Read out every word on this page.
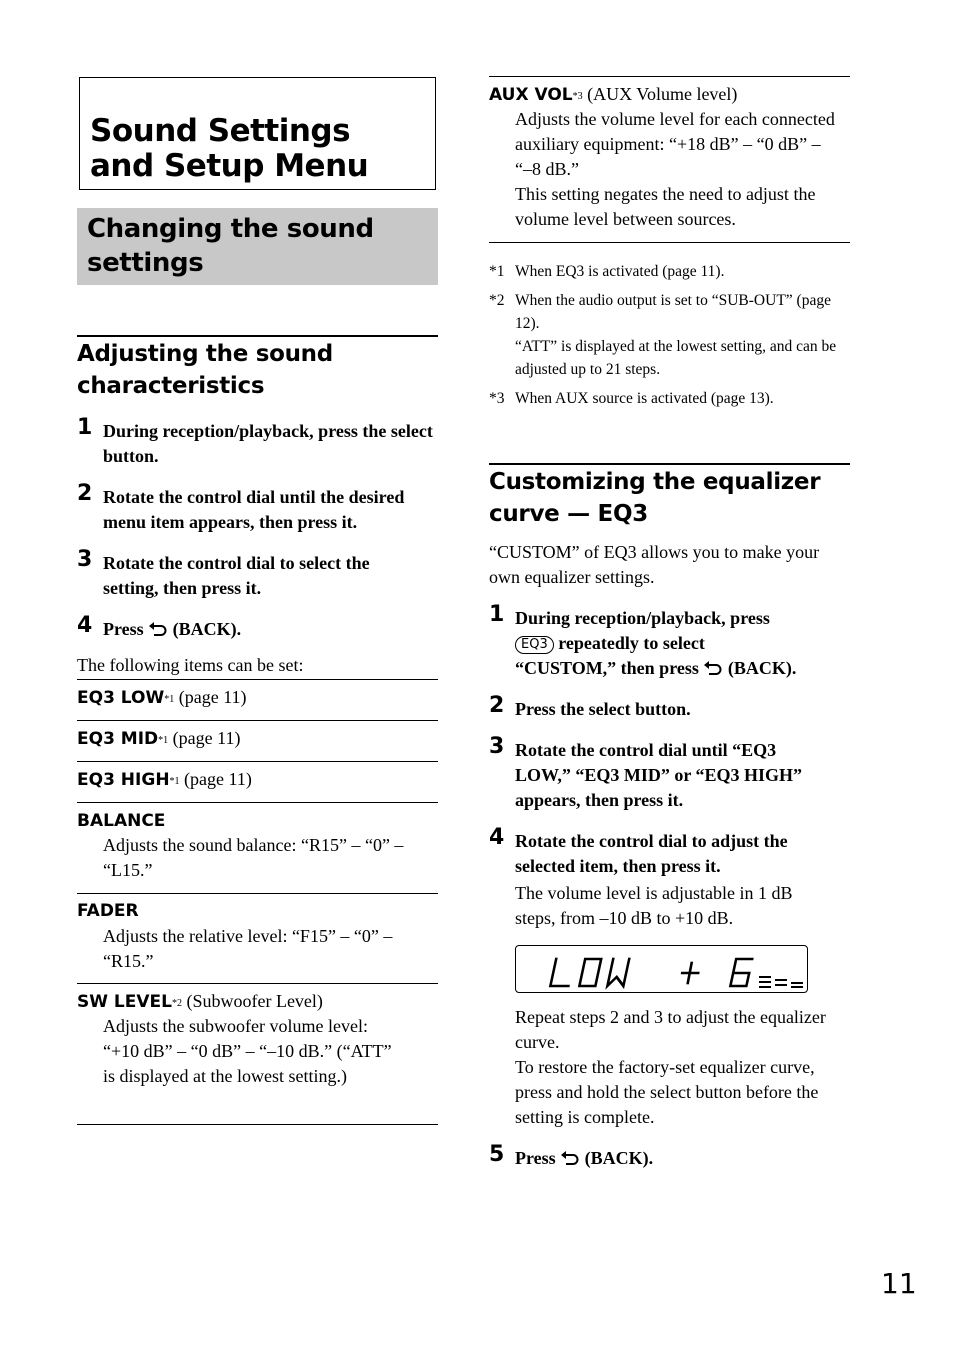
Sound Settings and Setup Menu
Changing the sound settings
Adjusting the sound characteristics
1 During reception/playback, press the select button.
2 Rotate the control dial until the desired menu item appears, then press it.
3 Rotate the control dial to select the setting, then press it.
4 Press (BACK).
The following items can be set:
EQ3 LOW$^{*1}$ (page 11)
EQ3 MID$^{*1}$ (page 11)
EQ3 HIGH$^{*1}$ (page 11)
BALANCE
Adjusts the sound balance: “R15” – “0” – “L15.”
FADER
Adjusts the relative level: “F15” – “0” – “R15.”
SW LEVEL$^{*2}$ (Subwoofer Level)
Adjusts the subwoofer volume level: “+10 dB” – “0 dB” – “–10 dB.” (“ATT” is displayed at the lowest setting.)
AUX VOL$^{*3}$ (AUX Volume level)
Adjusts the volume level for each connected auxiliary equipment: “+18 dB” – “0 dB” – “–8 dB.”
This setting negates the need to adjust the volume level between sources.
*1 When EQ3 is activated (page 11).
*2 When the audio output is set to “SUB-OUT” (page 12).
“ATT” is displayed at the lowest setting, and can be adjusted up to 21 steps.
*3 When AUX source is activated (page 13).
Customizing the equalizer curve — EQ3
“CUSTOM” of EQ3 allows you to make your own equalizer settings.
1 During reception/playback, press
EQ3 repeatedly to select
“CUSTOM,” then press (BACK).
2 Press the select button.
3 Rotate the control dial until “EQ3 LOW,” “EQ3 MID” or “EQ3 HIGH” appears, then press it.
4 Rotate the control dial to adjust the selected item, then press it.
The volume level is adjustable in 1 dB steps, from –10 dB to +10 dB.
Repeat steps 2 and 3 to adjust the equalizer curve.
To restore the factory-set equalizer curve, press and hold the select button before the setting is complete.
5 Press (BACK).
11
